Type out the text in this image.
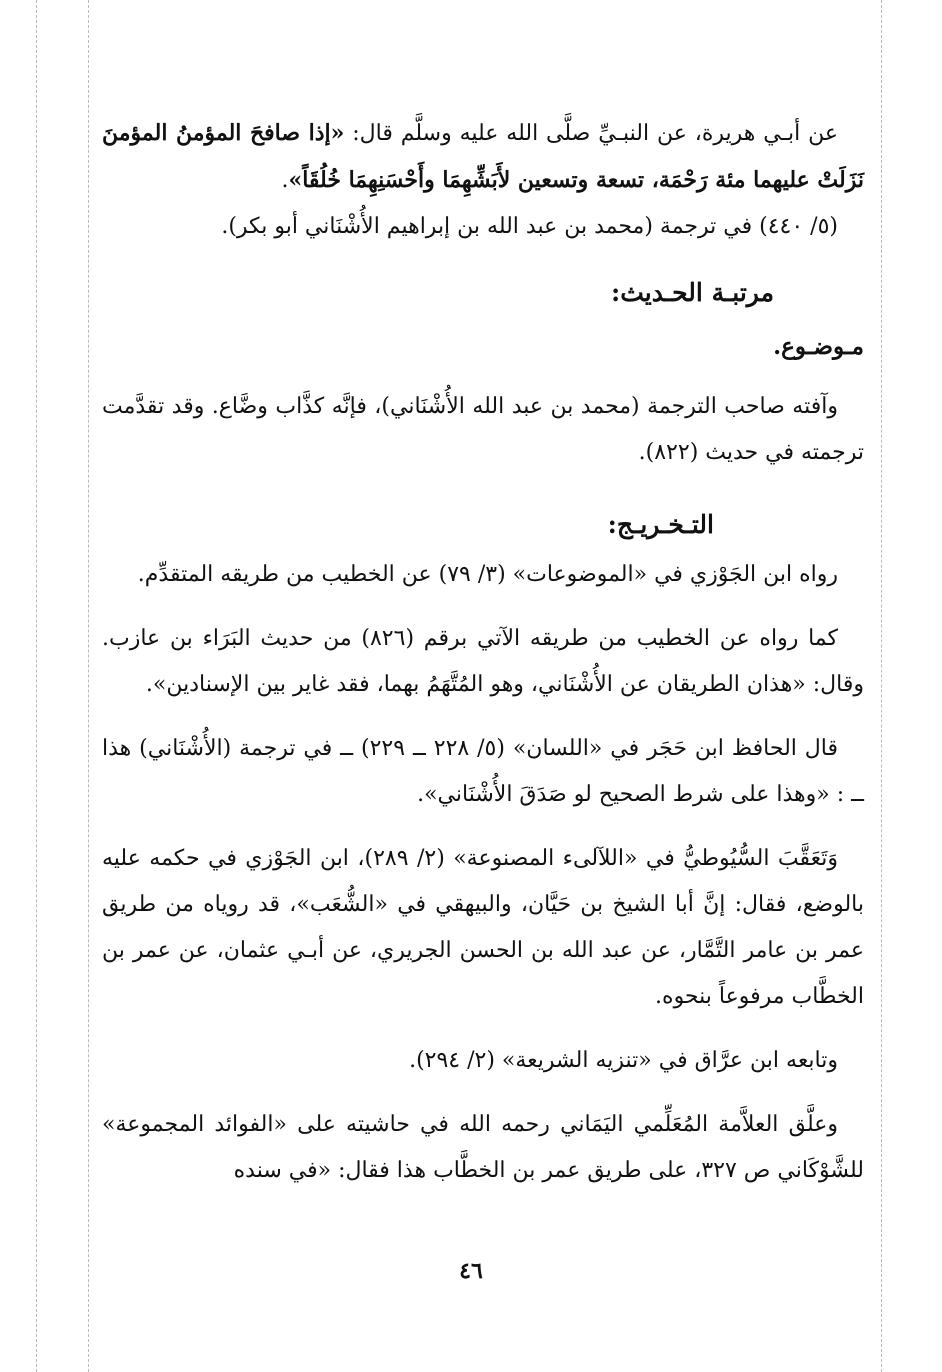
عن أبـي هريرة، عن النبـيِّ صلَّى الله عليه وسلَّم قال: «إذا صافحَ المؤمنُ المؤمنَ نَزَلَتْ عليهما مئة رَحْمَة، تسعة وتسعين لأَبَشِّهِمَا وأَحْسَنِهِمَا خُلُقَاً».

(٥/ ٤٤٠) في ترجمة (محمد بن عبد الله بن إبراهيم الأُشْنَاني أبو بكر).

مرتبـة الحـديث:

مـوضـوع.

وآفته صاحب الترجمة (محمد بن عبد الله الأُشْنَاني)، فإنَّه كذَّاب وضَّاع. وقد تقدَّمت ترجمته في حديث (٨٢٢).

التـخـريـج:

رواه ابن الجَوْزي في «الموضوعات» (٣/ ٧٩) عن الخطيب من طريقه المتقدِّم.

كما رواه عن الخطيب من طريقه الآتي برقم (٨٢٦) من حديث البَرَاء بن عازب. وقال: «هذان الطريقان عن الأُشْنَاني، وهو المُتَّهَمُ بهما، فقد غاير بين الإسنادين».

قال الحافظ ابن حَجَر في «اللسان» (٥/ ٢٢٨ ــ ٢٢٩) ــ في ترجمة (الأُشْنَاني) هذا ــ : «وهذا على شرط الصحيح لو صَدَقَ الأُشْنَاني».

وَتَعَقَّبَ السُّيُوطيُّ في «اللآلىء المصنوعة» (٢/ ٢٨٩)، ابن الجَوْزي في حكمه عليه بالوضع، فقال: إنَّ أبا الشيخ بن حَيَّان، والبيهقي في «الشُّعَب»، قد روياه من طريق عمر بن عامر التَّمَّار، عن عبد الله بن الحسن الجريري، عن أبـي عثمان، عن عمر بن الخطَّاب مرفوعاً بنحوه.

وتابعه ابن عرَّاق في «تنزيه الشريعة» (٢/ ٢٩٤).

وعلَّق العلاَّمة المُعَلِّمي اليَمَاني رحمه الله في حاشيته على «الفوائد المجموعة» للشَّوْكَاني ص ٣٢٧، على طريق عمر بن الخطَّاب هذا فقال: «في سنده

٤٦
